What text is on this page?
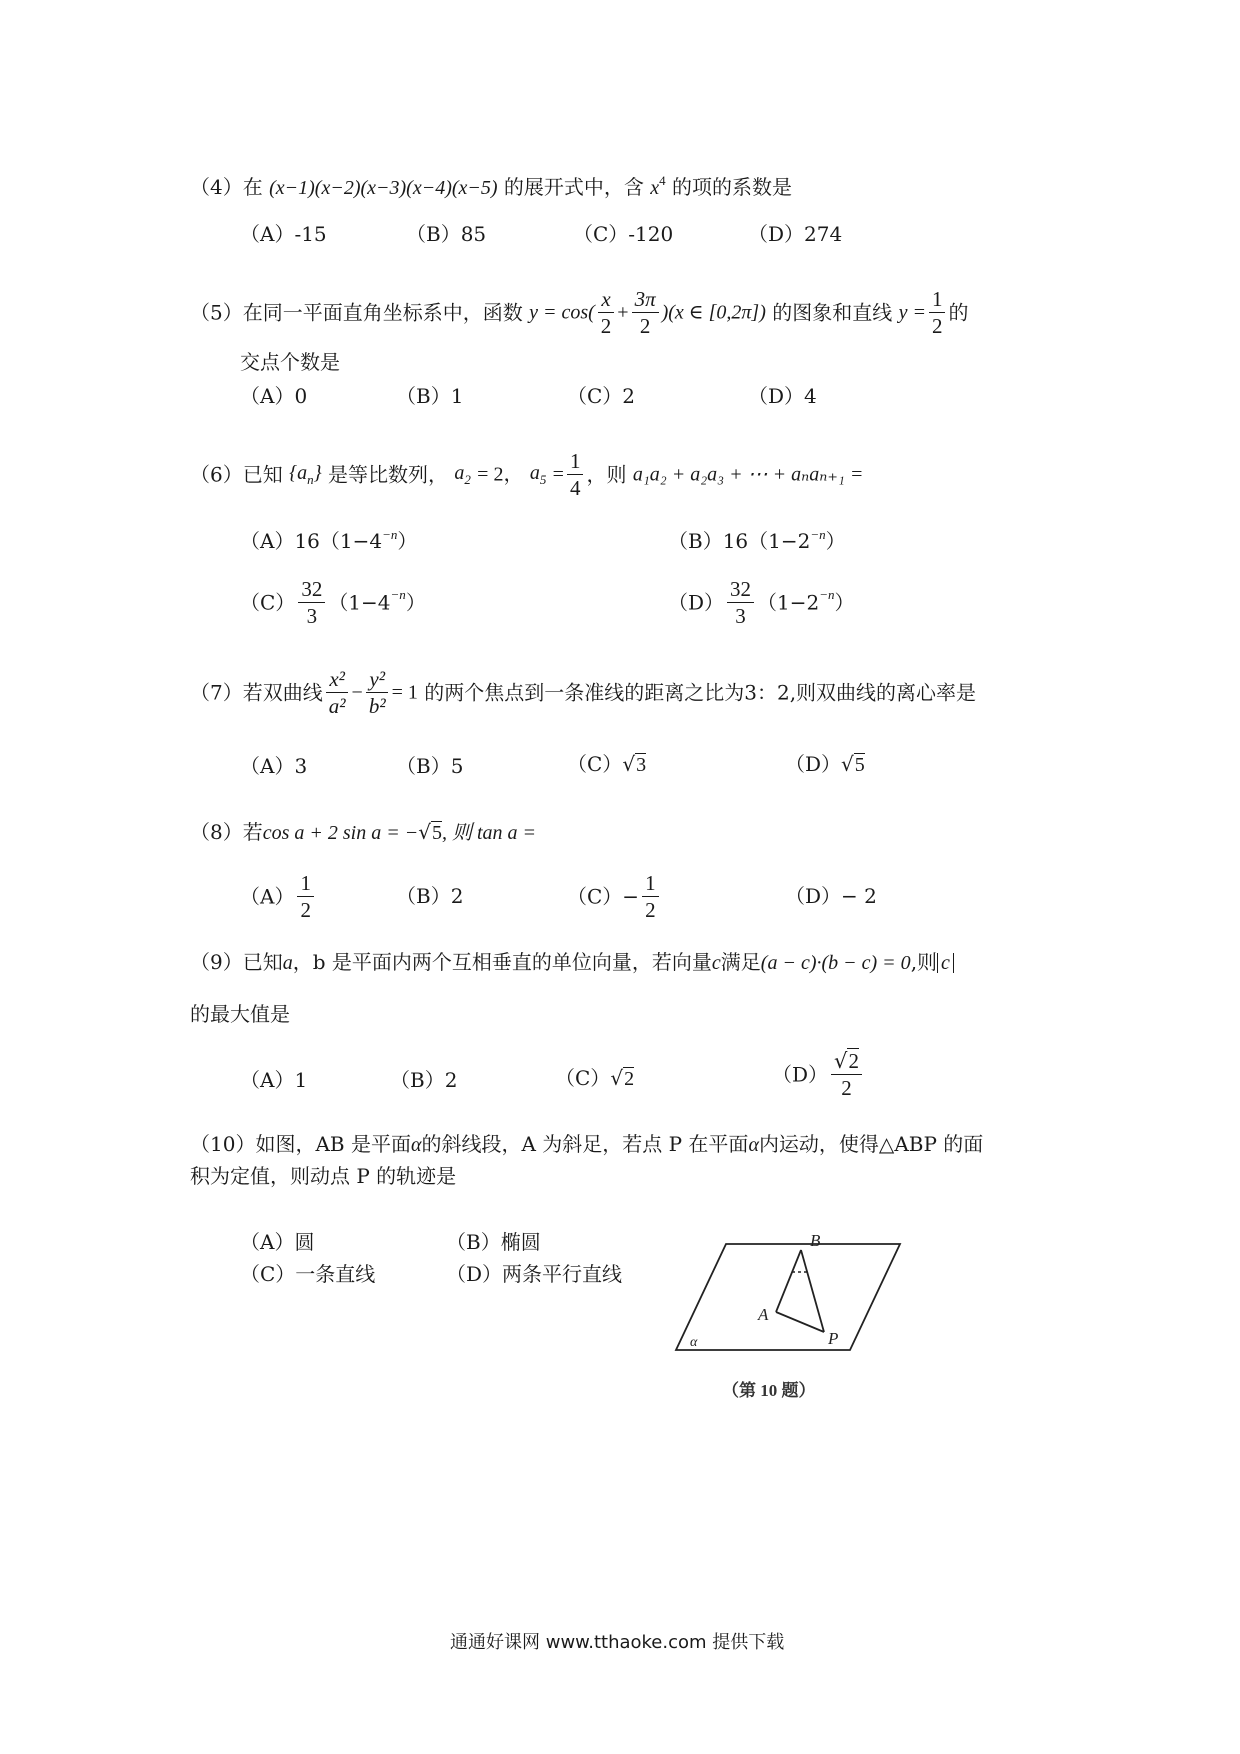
（4）在 (x−1)(x−2)(x−3)(x−4)(x−5) 的展开式中，含 $x^4$ 的项的系数是
（A）-15	（B）85	（C）-120	（D）274
（5）在同一平面直角坐标系中，函数 $y = \cos( \frac{x}{2} + \frac{3\pi}{2} )(x$ ∈ [0,2π]) 的图象和直线 $y = \frac{1}{2}$ 的
交点个数是
（A）0	（B）1	（C）2	（D）4
（6）已知 $\{a_n\}$ 是等比数列， $a_2 = 2$， $a_5 = \frac{1}{4}$ ，则 a₁a₂ + a₂a₃ + ⋯ + aₙaₙ₊₁ =
$(A)16(1-4^{-n})$	$(B)16(1-2^{-n})$
$(C) \frac{32}{3} (1-4^{-n})$	$(D) \frac{32}{3} (1-2^{-n})$
（7）若双曲线 $\frac{\text{x²}}{\text{a²}} - \frac{\text{y²}}{\text{b²}} = 1$ 的两个焦点到一条准线的距离之比为3：2,则双曲线的离心率是
（A）3	（B）5	（C）√3	（D）√5
（8）若cos a + 2 sin a = −√5, 则 tan a =
$(A) \frac{1}{2}$	（B）2	$(C)- \frac{1}{2}$	（D）− 2
（9）已知a，b 是平面内两个互相垂直的单位向量，若向量c满足(a − c)·(b − c) = 0,则 c
的最大值是
（A）1	（B）2	（C）√2	$(D) \frac{√2}{2}$
（10）如图，AB 是平面α的斜线段，A 为斜足，若点 P 在平面α内运动，使得△ABP 的面
积为定值，则动点 P 的轨迹是
（A）圆	（B）椭圆
（C）一条直线	（D）两条平行直线
B
A
P
α
（第 10 题）
通通好课网 www.tthaoke.com 提供下载
